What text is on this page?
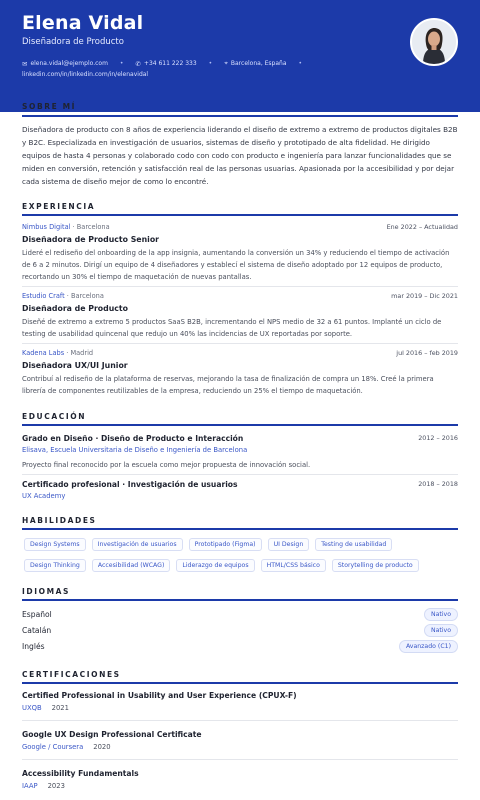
Elena Vidal
Diseñadora de Producto
✉ elena.vidal@ejemplo.com • ✆ +34 611 222 333 • ⌖ Barcelona, España •
linkedin.com/in/linkedin.com/in/elenavidal
SOBRE MÍ
Diseñadora de producto con 8 años de experiencia liderando el diseño de extremo a extremo de productos digitales B2B y B2C. Especializada en investigación de usuarios, sistemas de diseño y prototipado de alta fidelidad. He dirigido equipos de hasta 4 personas y colaborado codo con codo con producto e ingeniería para lanzar funcionalidades que se miden en conversión, retención y satisfacción real de las personas usuarias. Apasionada por la accesibilidad y por dejar cada sistema de diseño mejor de como lo encontré.
EXPERIENCIA
Nimbus Digital · Barcelona	Ene 2022 – Actualidad
Diseñadora de Producto Senior
Lideré el rediseño del onboarding de la app insignia, aumentando la conversión un 34% y reduciendo el tiempo de activación de 6 a 2 minutos. Dirigí un equipo de 4 diseñadores y establecí el sistema de diseño adoptado por 12 equipos de producto, recortando un 30% el tiempo de maquetación de nuevas pantallas.
Estudio Craft · Barcelona	mar 2019 – Dic 2021
Diseñadora de Producto
Diseñé de extremo a extremo 5 productos SaaS B2B, incrementando el NPS medio de 32 a 61 puntos. Implanté un ciclo de testing de usabilidad quincenal que redujo un 40% las incidencias de UX reportadas por soporte.
Kadena Labs · Madrid	jul 2016 – feb 2019
Diseñadora UX/UI Junior
Contribuí al rediseño de la plataforma de reservas, mejorando la tasa de finalización de compra un 18%. Creé la primera librería de componentes reutilizables de la empresa, reduciendo un 25% el tiempo de maquetación.
EDUCACIÓN
Grado en Diseño · Diseño de Producto e Interacción	2012 – 2016
Elisava, Escuela Universitaria de Diseño e Ingeniería de Barcelona
Proyecto final reconocido por la escuela como mejor propuesta de innovación social.
Certificado profesional · Investigación de usuarios	2018 – 2018
UX Academy
HABILIDADES
Design Systems	Investigación de usuarios	Prototipado (Figma)	UI Design	Testing de usabilidad
Design Thinking	Accesibilidad (WCAG)	Liderazgo de equipos	HTML/CSS básico	Storytelling de producto
IDIOMAS
Español	Nativo
Catalán	Nativo
Inglés	Avanzado (C1)
CERTIFICACIONES
Certified Professional in Usability and User Experience (CPUX-F)
UXQB 2021
Google UX Design Professional Certificate
Google / Coursera 2020
Accessibility Fundamentals
IAAP 2023
